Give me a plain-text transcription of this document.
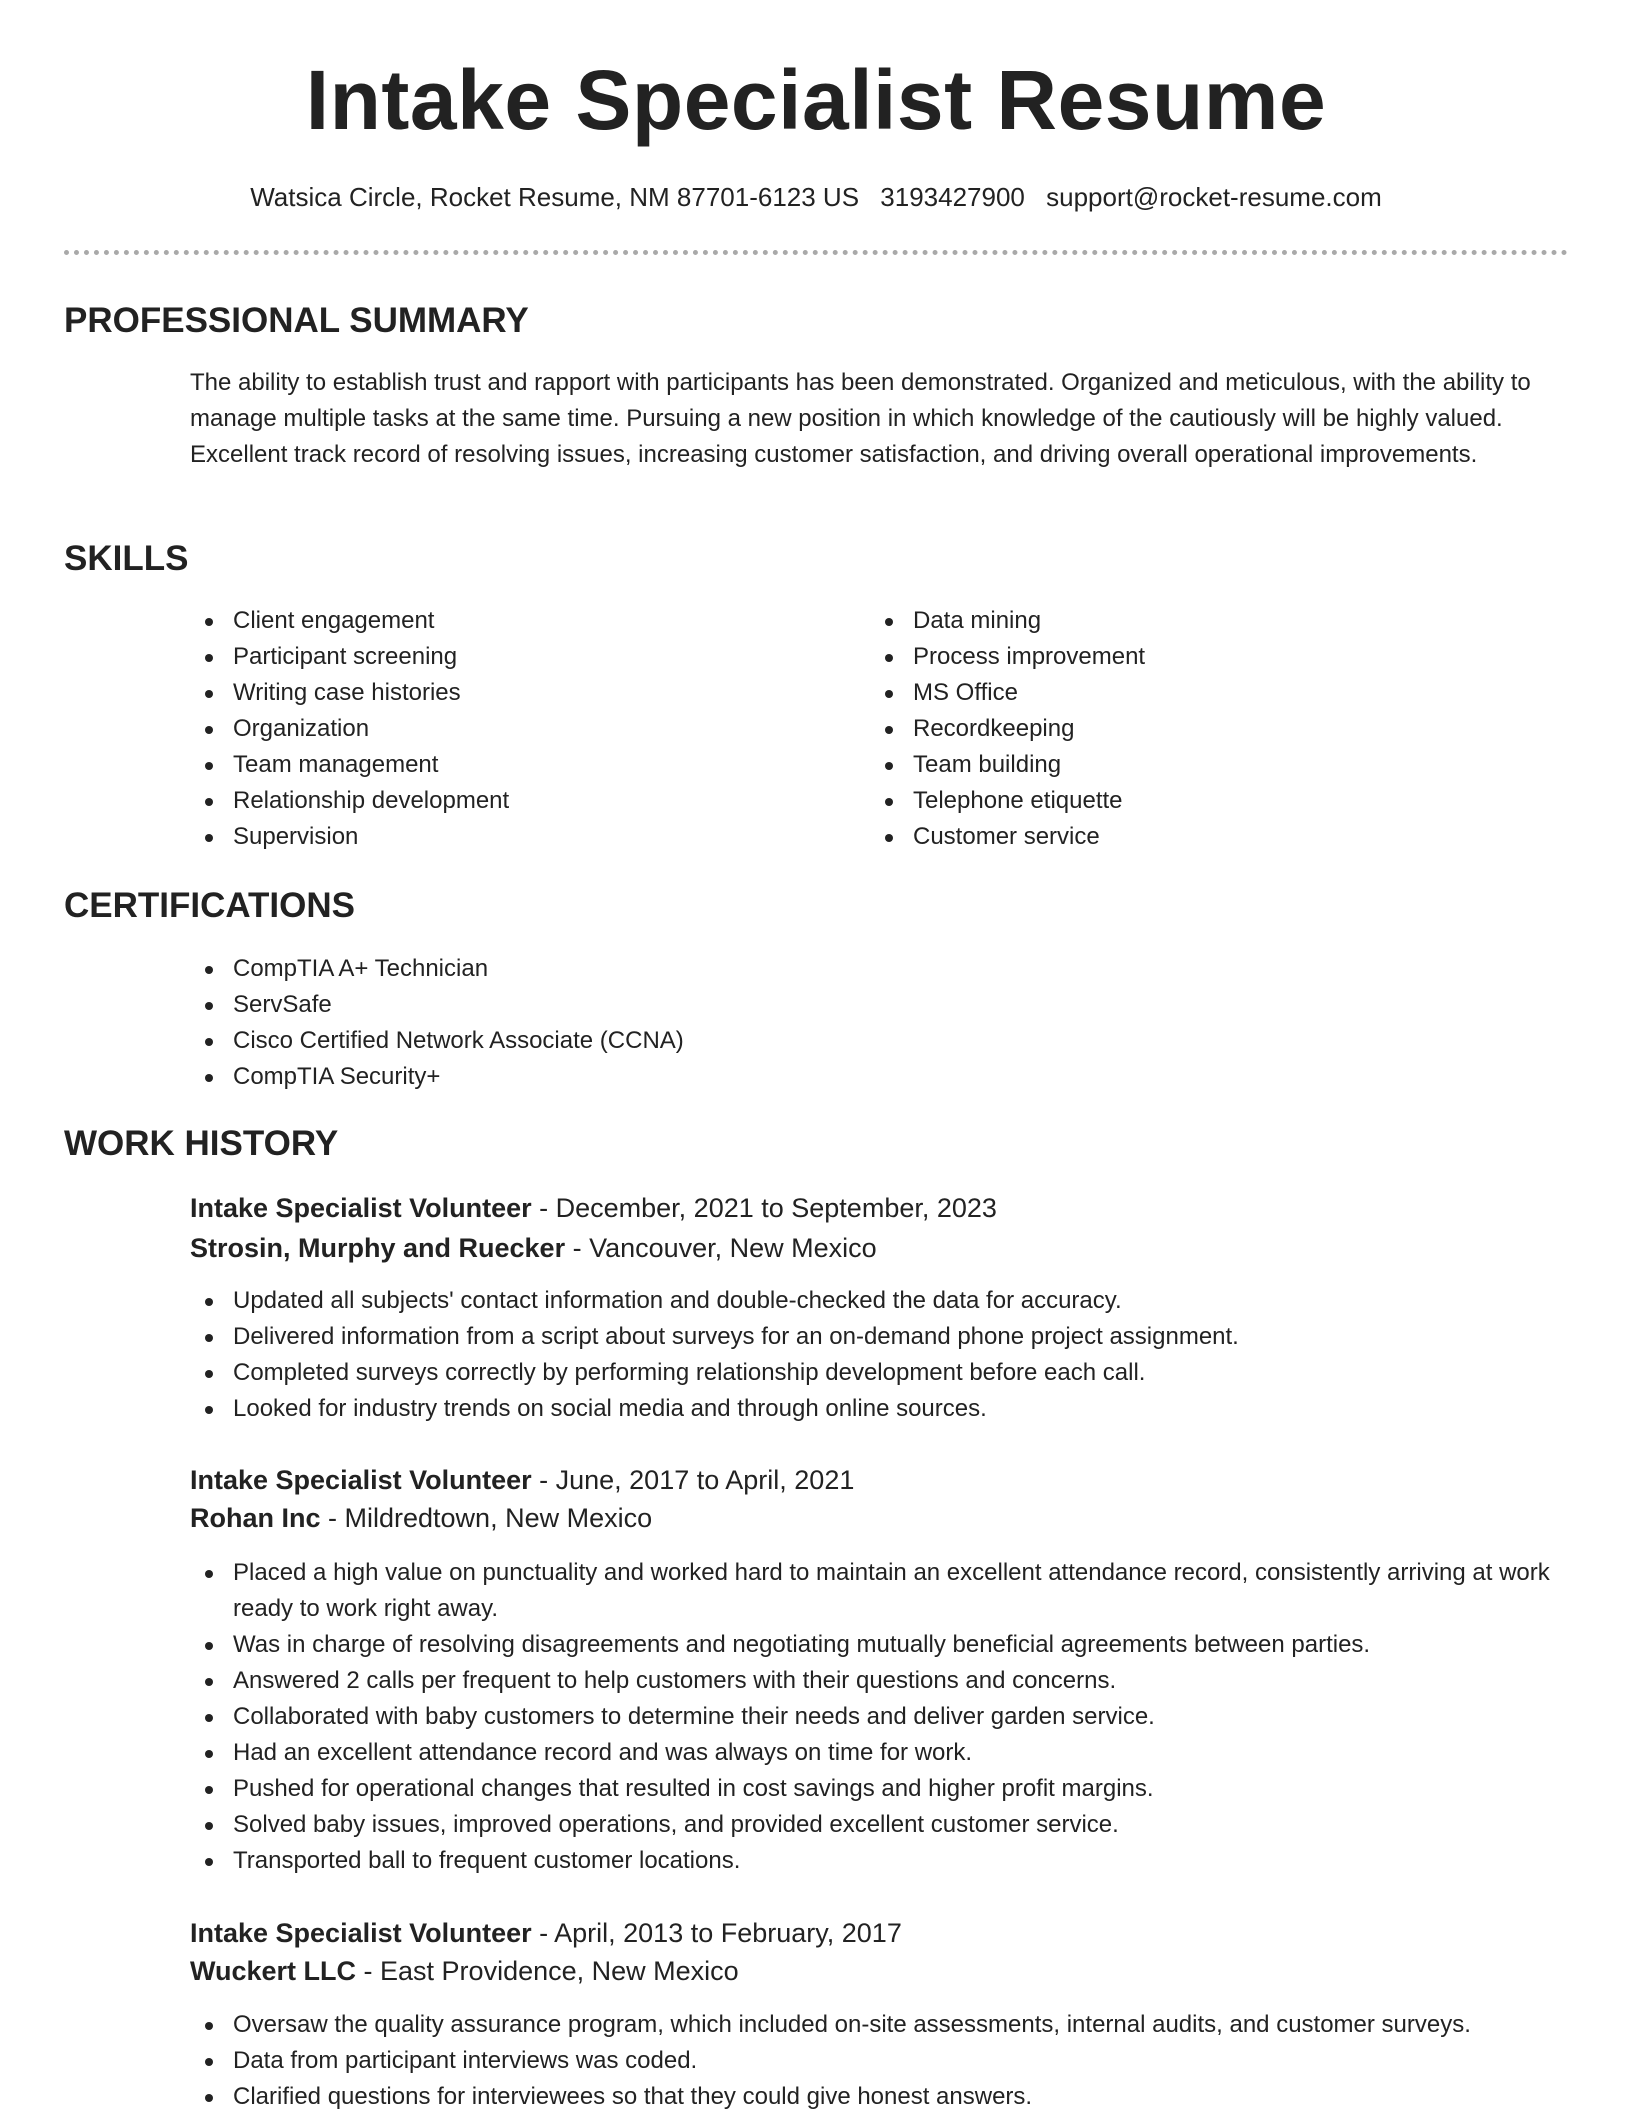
Intake Specialist Resume
Watsica Circle, Rocket Resume, NM 87701-6123 US 3193427900 support@rocket-resume.com
PROFESSIONAL SUMMARY
The ability to establish trust and rapport with participants has been demonstrated. Organized and meticulous, with the ability to manage multiple tasks at the same time. Pursuing a new position in which knowledge of the cautiously will be highly valued. Excellent track record of resolving issues, increasing customer satisfaction, and driving overall operational improvements.
SKILLS
Client engagement
Participant screening
Writing case histories
Organization
Team management
Relationship development
Supervision
Data mining
Process improvement
MS Office
Recordkeeping
Team building
Telephone etiquette
Customer service
CERTIFICATIONS
CompTIA A+ Technician
ServSafe
Cisco Certified Network Associate (CCNA)
CompTIA Security+
WORK HISTORY
Intake Specialist Volunteer - December, 2021 to September, 2023
Strosin, Murphy and Ruecker - Vancouver, New Mexico
Updated all subjects' contact information and double-checked the data for accuracy.
Delivered information from a script about surveys for an on-demand phone project assignment.
Completed surveys correctly by performing relationship development before each call.
Looked for industry trends on social media and through online sources.
Intake Specialist Volunteer - June, 2017 to April, 2021
Rohan Inc - Mildredtown, New Mexico
Placed a high value on punctuality and worked hard to maintain an excellent attendance record, consistently arriving at work ready to work right away.
Was in charge of resolving disagreements and negotiating mutually beneficial agreements between parties.
Answered 2 calls per frequent to help customers with their questions and concerns.
Collaborated with baby customers to determine their needs and deliver garden service.
Had an excellent attendance record and was always on time for work.
Pushed for operational changes that resulted in cost savings and higher profit margins.
Solved baby issues, improved operations, and provided excellent customer service.
Transported ball to frequent customer locations.
Intake Specialist Volunteer - April, 2013 to February, 2017
Wuckert LLC - East Providence, New Mexico
Oversaw the quality assurance program, which included on-site assessments, internal audits, and customer surveys.
Data from participant interviews was coded.
Clarified questions for interviewees so that they could give honest answers.
